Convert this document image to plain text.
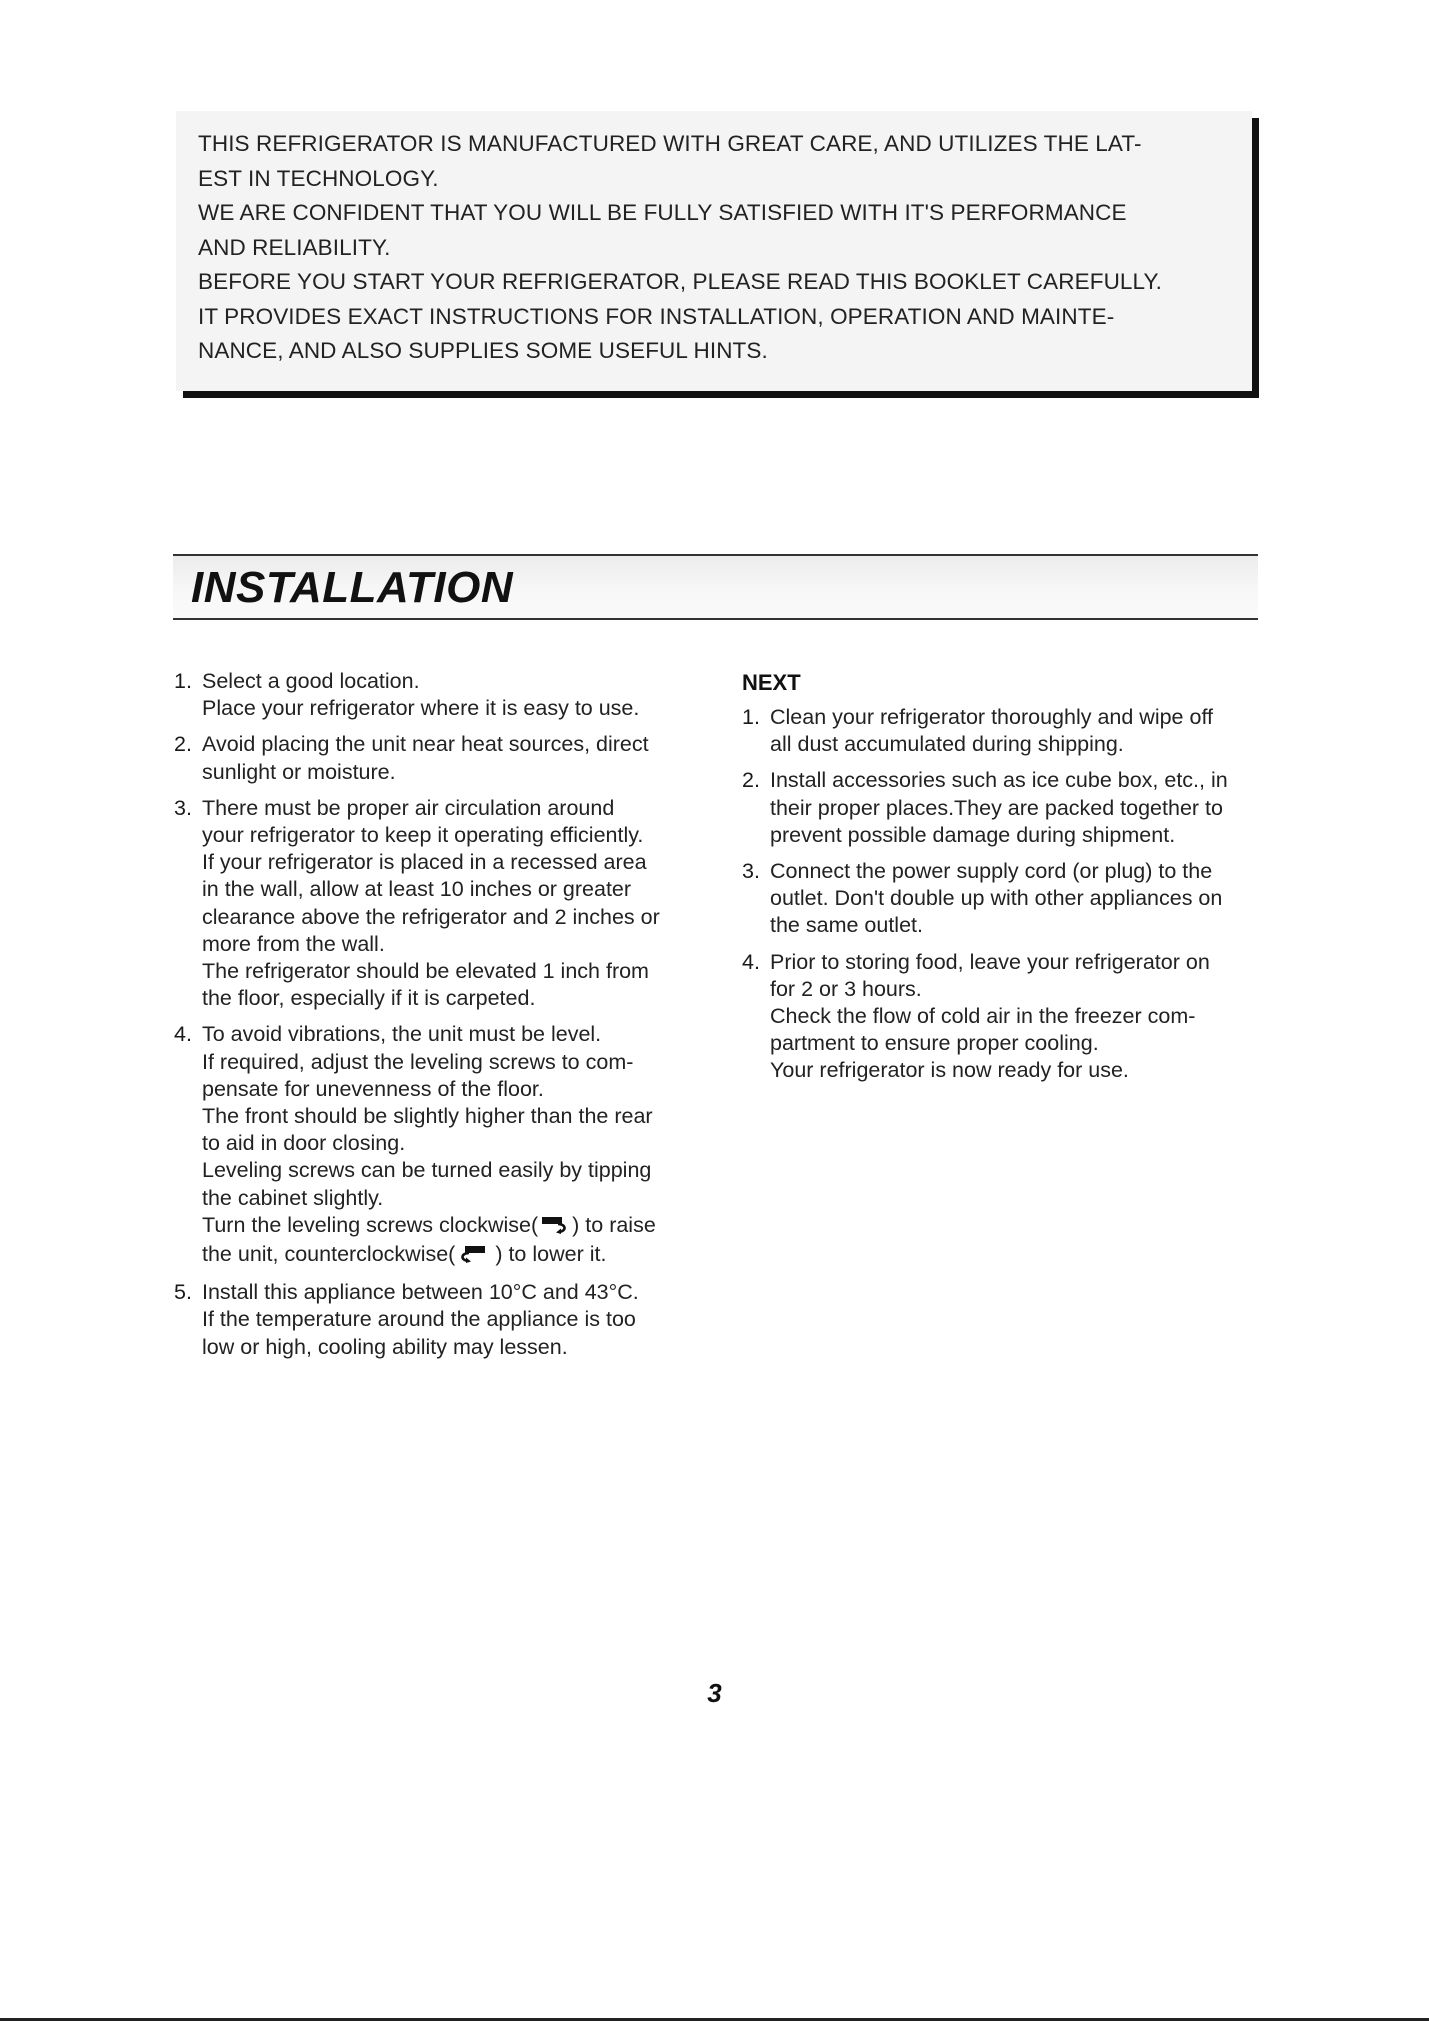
THIS REFRIGERATOR IS MANUFACTURED WITH GREAT CARE, AND UTILIZES THE LAT-
EST IN TECHNOLOGY.
WE ARE CONFIDENT THAT YOU WILL BE FULLY SATISFIED WITH IT'S PERFORMANCE
AND RELIABILITY.
BEFORE YOU START YOUR REFRIGERATOR, PLEASE READ THIS BOOKLET CAREFULLY.
IT PROVIDES EXACT INSTRUCTIONS FOR INSTALLATION, OPERATION AND MAINTE-
NANCE, AND ALSO SUPPLIES SOME USEFUL HINTS.
INSTALLATION
1. Select a good location.
Place your refrigerator where it is easy to use.
2. Avoid placing the unit near heat sources, direct
sunlight or moisture.
3. There must be proper air circulation around
your refrigerator to keep it operating efficiently.
If your refrigerator is placed in a recessed area
in the wall, allow at least 10 inches or greater
clearance above the refrigerator and 2 inches or
more from the wall.
The refrigerator should be elevated 1 inch from
the floor, especially if it is carpeted.
4. To avoid vibrations, the unit must be level.
If required, adjust the leveling screws to com-
pensate for unevenness of the floor.
The front should be slightly higher than the rear
to aid in door closing.
Leveling screws can be turned easily by tipping
the cabinet slightly.
Turn the leveling screws clockwise( ) to raise
the unit, counterclockwise( ) to lower it.
5. Install this appliance between 10°C and 43°C.
If the temperature around the appliance is too
low or high, cooling ability may lessen.
NEXT
1. Clean your refrigerator thoroughly and wipe off
all dust accumulated during shipping.
2. Install accessories such as ice cube box, etc., in
their proper places.They are packed together to
prevent possible damage during shipment.
3. Connect the power supply cord (or plug) to the
outlet. Don't double up with other appliances on
the same outlet.
4. Prior to storing food, leave your refrigerator on
for 2 or 3 hours.
Check the flow of cold air in the freezer com-
partment to ensure proper cooling.
Your refrigerator is now ready for use.
3
